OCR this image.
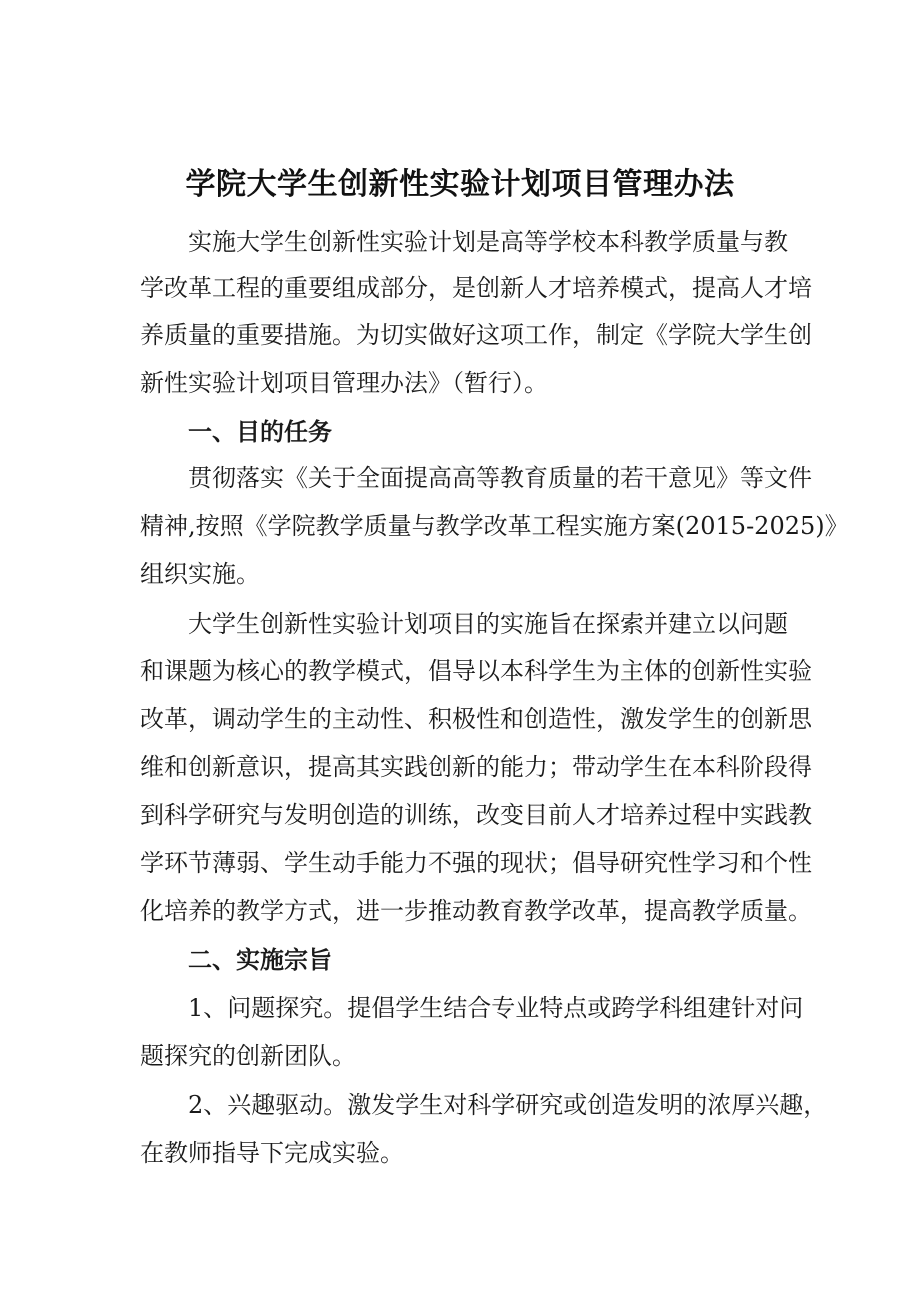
学院大学生创新性实验计划项目管理办法

实施大学生创新性实验计划是高等学校本科教学质量与教

学改革工程的重要组成部分，是创新人才培养模式，提高人才培

养质量的重要措施。为切实做好这项工作，制定《学院大学生创

新性实验计划项目管理办法》（暂行）。

一、目的任务

贯彻落实《关于全面提高高等教育质量的若干意见》等文件

精神,按照《学院教学质量与教学改革工程实施方案(2015-2025)》

组织实施。

大学生创新性实验计划项目的实施旨在探索并建立以问题

和课题为核心的教学模式，倡导以本科学生为主体的创新性实验

改革，调动学生的主动性、积极性和创造性，激发学生的创新思

维和创新意识，提高其实践创新的能力；带动学生在本科阶段得

到科学研究与发明创造的训练，改变目前人才培养过程中实践教

学环节薄弱、学生动手能力不强的现状；倡导研究性学习和个性

化培养的教学方式，进一步推动教育教学改革，提高教学质量。

二、实施宗旨

1、问题探究。提倡学生结合专业特点或跨学科组建针对问

题探究的创新团队。

2、兴趣驱动。激发学生对科学研究或创造发明的浓厚兴趣，

在教师指导下完成实验。
